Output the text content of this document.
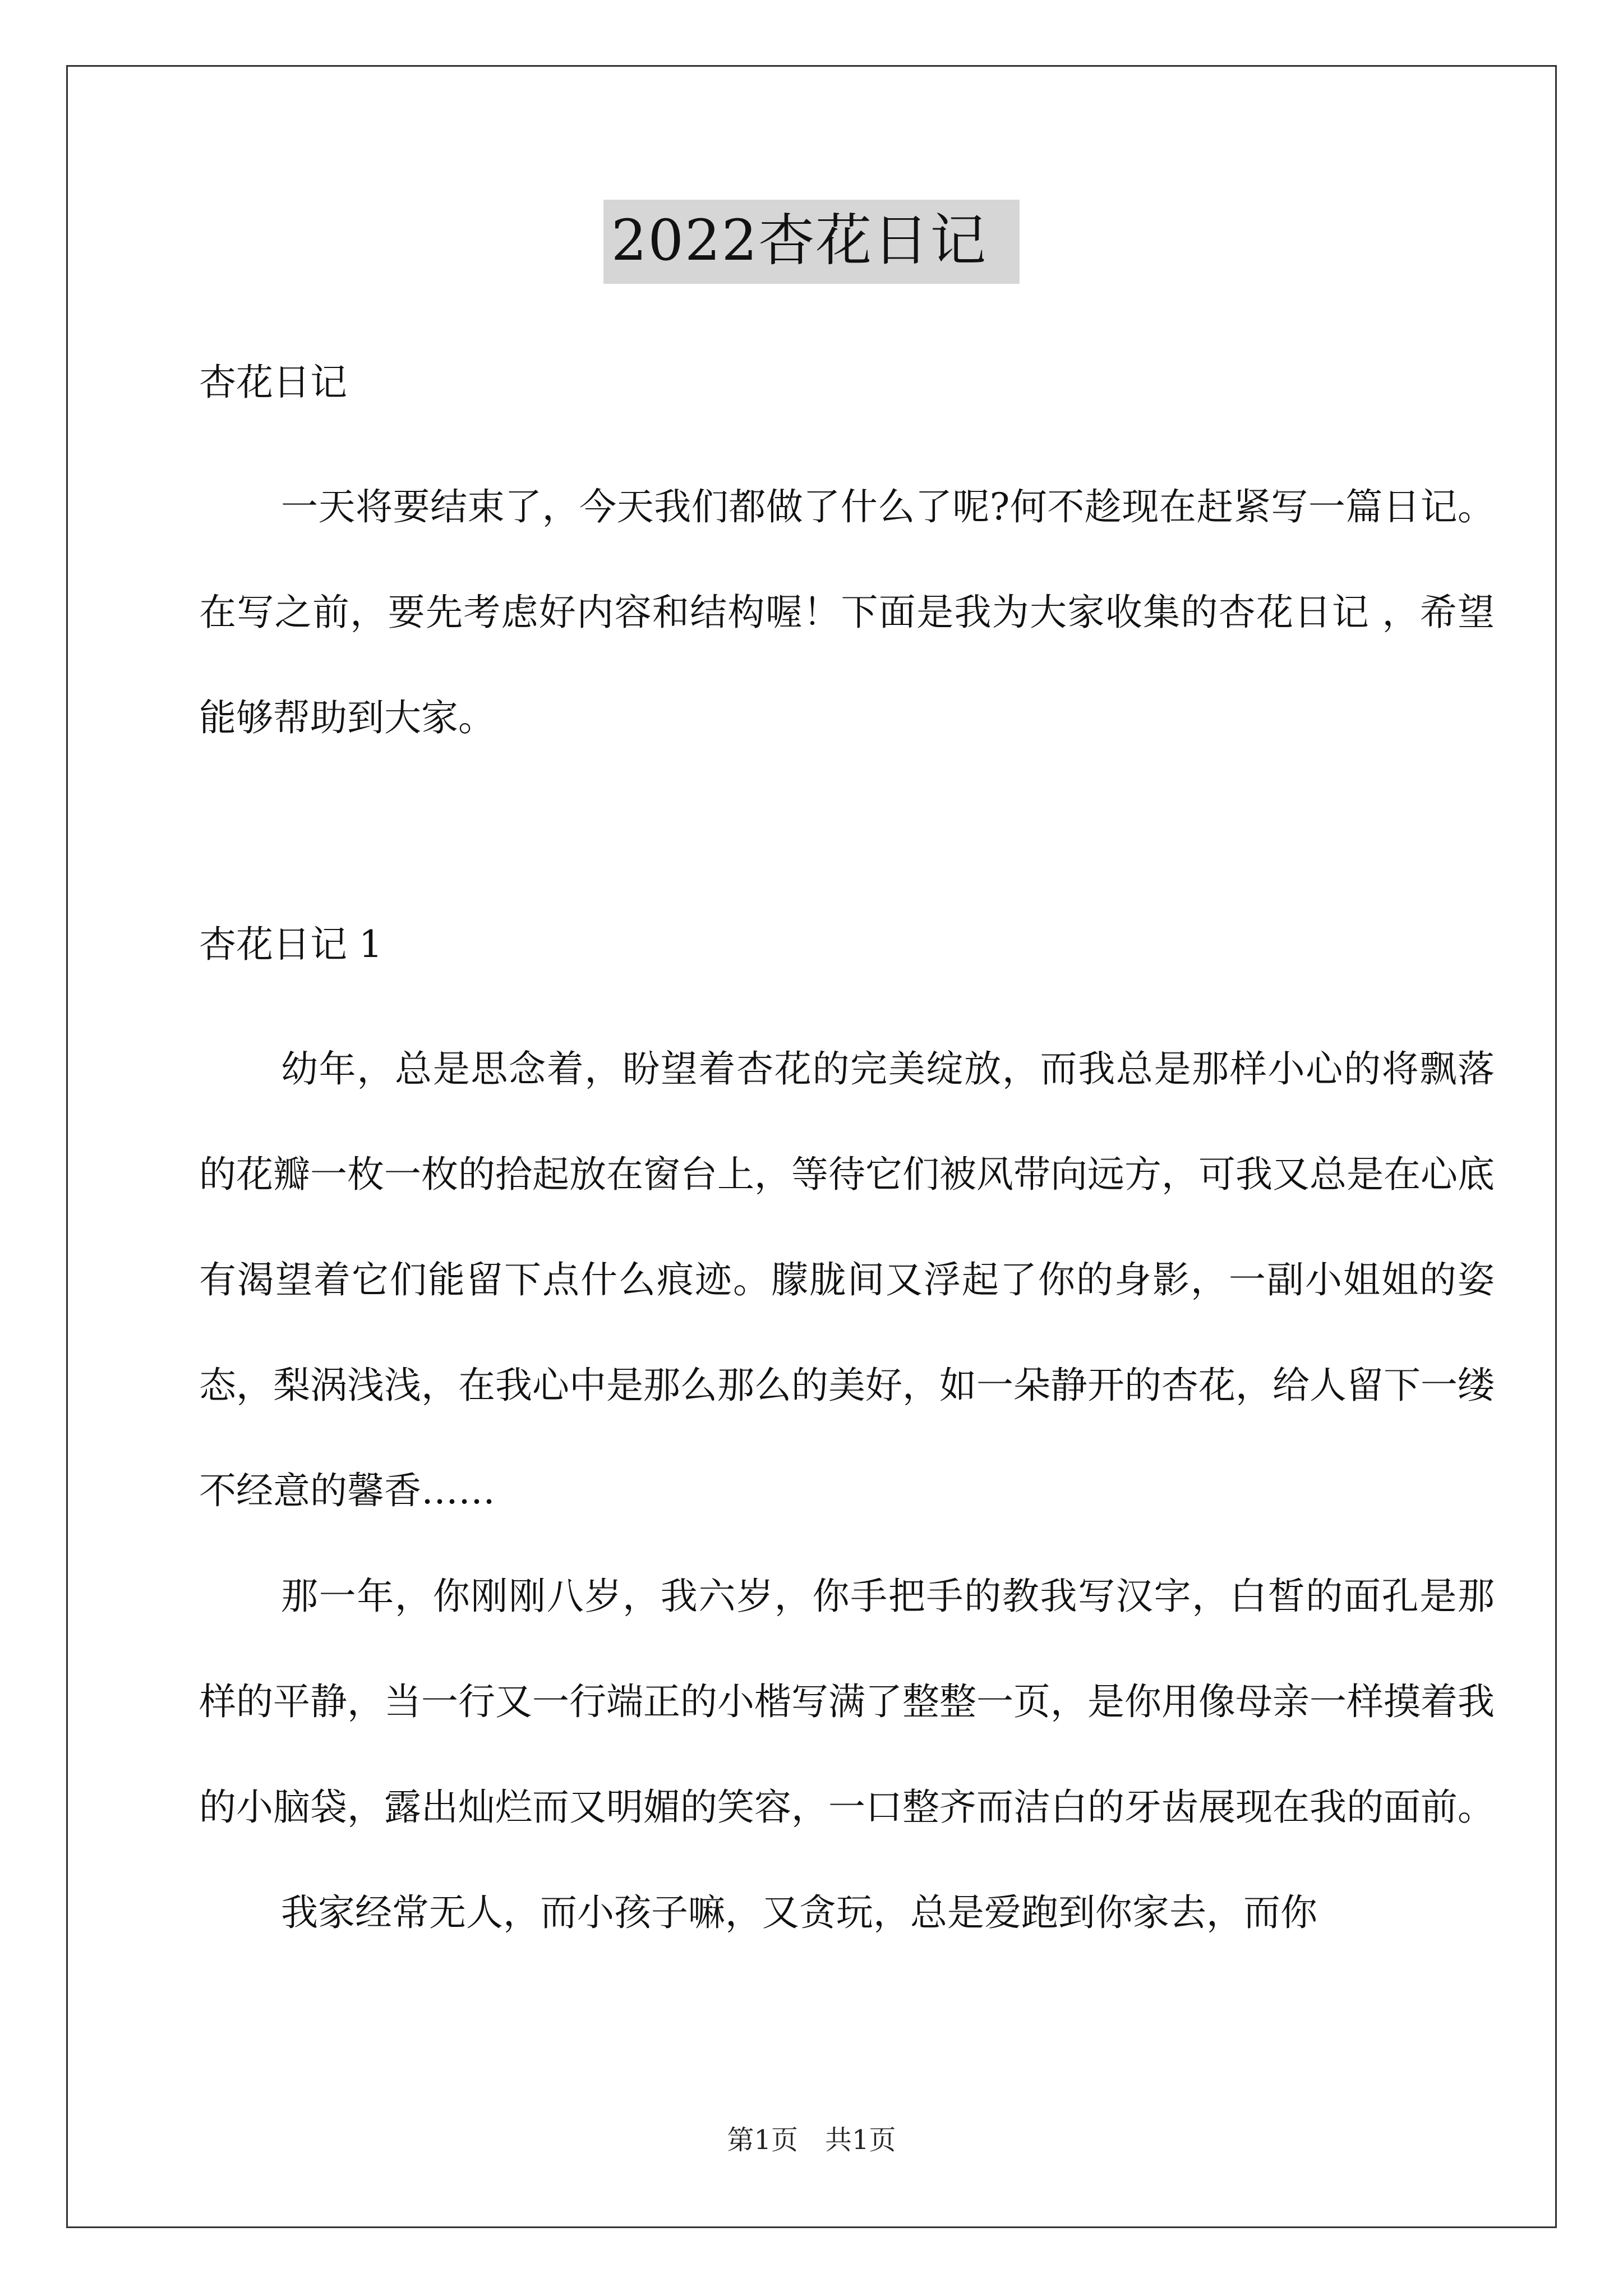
2022杏花日记

杏花日记

一天将要结束了，今天我们都做了什么了呢?何不趁现在赶紧写一篇日记。在写之前，要先考虑好内容和结构喔！下面是我为大家收集的杏花日记 ，希望能够帮助到大家。

杏花日记 1

幼年，总是思念着，盼望着杏花的完美绽放，而我总是那样小心的将飘落的花瓣一枚一枚的拾起放在窗台上，等待它们被风带向远方，可我又总是在心底有渴望着它们能留下点什么痕迹。朦胧间又浮起了你的身影，一副小姐姐的姿态，梨涡浅浅，在我心中是那么那么的美好，如一朵静开的杏花，给人留下一缕不经意的馨香……

那一年，你刚刚八岁，我六岁，你手把手的教我写汉字，白皙的面孔是那样的平静，当一行又一行端正的小楷写满了整整一页，是你用像母亲一样摸着我的小脑袋，露出灿烂而又明媚的笑容，一口整齐而洁白的牙齿展现在我的面前。

我家经常无人，而小孩子嘛，又贪玩，总是爱跑到你家去，而你

第1页　共1页
